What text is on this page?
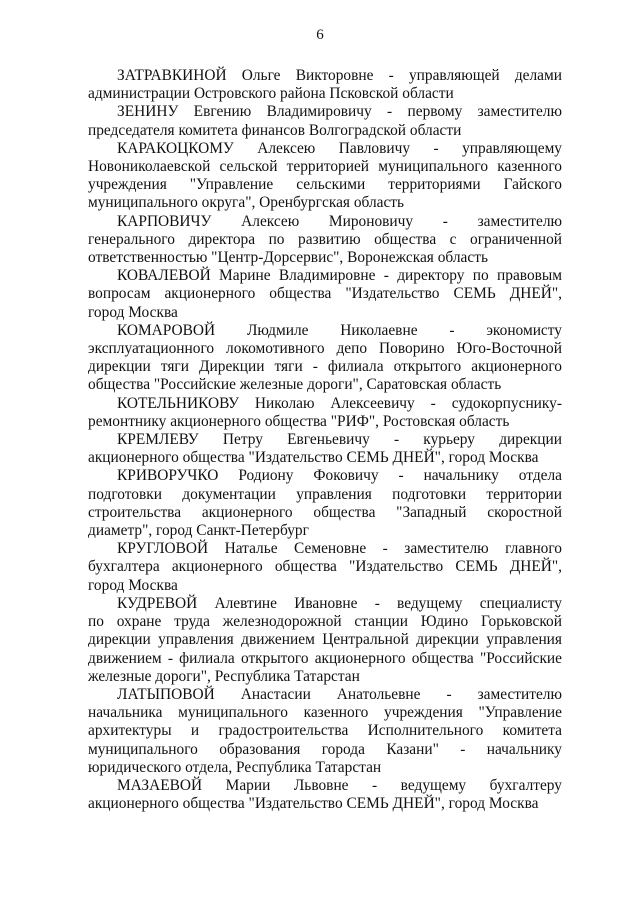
6
ЗАТРАВКИНОЙ Ольге Викторовне - управляющей делами
администрации Островского района Псковской области
ЗЕНИНУ Евгению Владимировичу - первому заместителю
председателя комитета финансов Волгоградской области
КАРАКОЦКОМУ Алексею Павловичу - управляющему
Новониколаевской сельской территорией муниципального казенного
учреждения "Управление сельскими территориями Гайского
муниципального округа", Оренбургская область
КАРПОВИЧУ Алексею Мироновичу - заместителю
генерального директора по развитию общества с ограниченной
ответственностью "Центр-Дорсервис", Воронежская область
КОВАЛЕВОЙ Марине Владимировне - директору по правовым
вопросам акционерного общества "Издательство СЕМЬ ДНЕЙ",
город Москва
КОМАРОВОЙ Людмиле Николаевне - экономисту
эксплуатационного локомотивного депо Поворино Юго-Восточной
дирекции тяги Дирекции тяги - филиала открытого акционерного
общества "Российские железные дороги", Саратовская область
КОТЕЛЬНИКОВУ Николаю Алексеевичу - судокорпуснику-
ремонтнику акционерного общества "РИФ", Ростовская область
КРЕМЛЕВУ Петру Евгеньевичу - курьеру дирекции
акционерного общества "Издательство СЕМЬ ДНЕЙ", город Москва
КРИВОРУЧКО Родиону Фоковичу - начальнику отдела
подготовки документации управления подготовки территории
строительства акционерного общества "Западный скоростной
диаметр", город Санкт-Петербург
КРУГЛОВОЙ Наталье Семеновне - заместителю главного
бухгалтера акционерного общества "Издательство СЕМЬ ДНЕЙ",
город Москва
КУДРЕВОЙ Алевтине Ивановне - ведущему специалисту
по охране труда железнодорожной станции Юдино Горьковской
дирекции управления движением Центральной дирекции управления
движением - филиала открытого акционерного общества "Российские
железные дороги", Республика Татарстан
ЛАТЫПОВОЙ Анастасии Анатольевне - заместителю
начальника муниципального казенного учреждения "Управление
архитектуры и градостроительства Исполнительного комитета
муниципального образования города Казани" - начальнику
юридического отдела, Республика Татарстан
МАЗАЕВОЙ Марии Львовне - ведущему бухгалтеру
акционерного общества "Издательство СЕМЬ ДНЕЙ", город Москва
